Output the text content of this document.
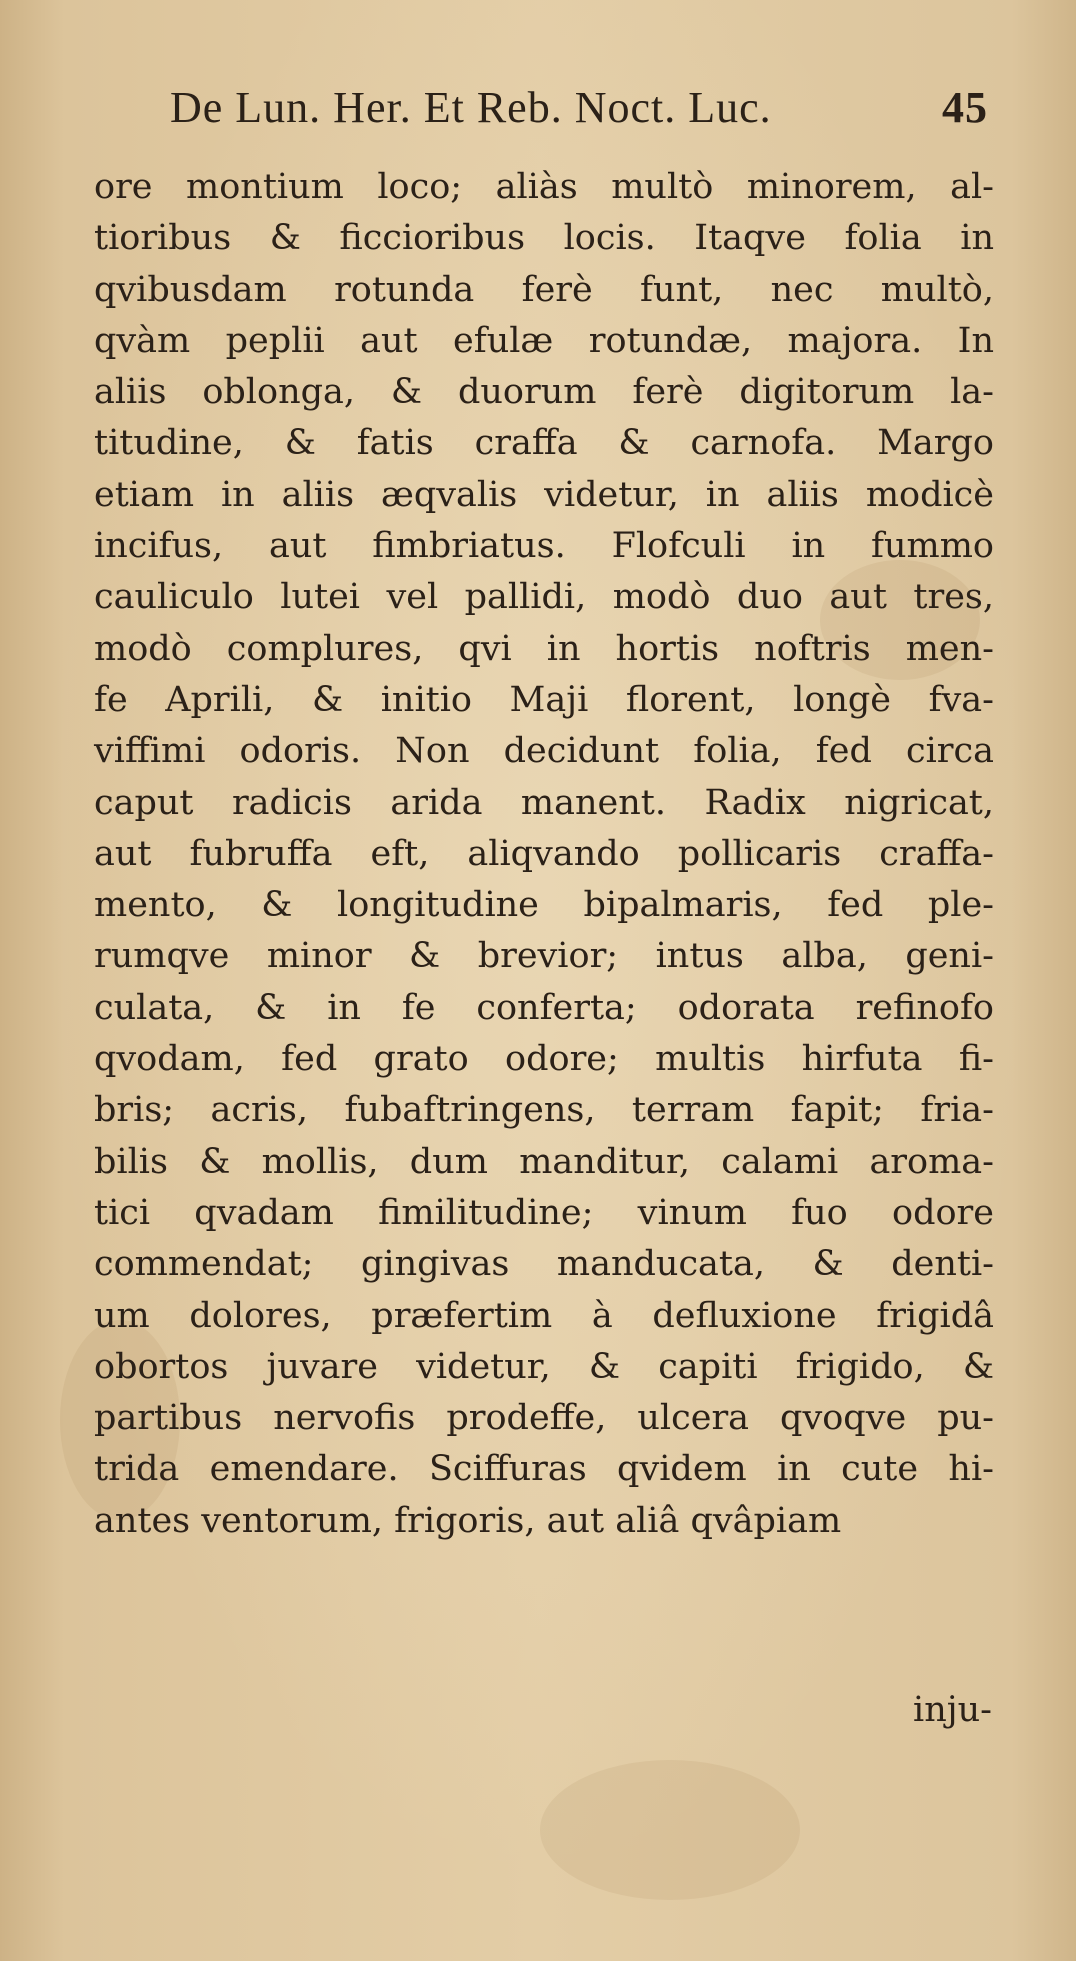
De Lun. Her. Et Reb. Noct. Luc.	45
ore montium loco; aliàs multò minorem, al-
tioribus & ficcioribus locis. Itaqve folia in
qvibusdam rotunda ferè funt, nec multò,
qvàm peplii aut efulæ rotundæ, majora. In
aliis oblonga, & duorum ferè digitorum la-
titudine, & fatis craffa & carnofa. Margo
etiam in aliis æqvalis videtur, in aliis modicè
incifus, aut fimbriatus. Flofculi in fummo
cauliculo lutei vel pallidi, modò duo aut tres,
modò complures, qvi in hortis noftris men-
fe Aprili, & initio Maji florent, longè fva-
viffimi odoris. Non decidunt folia, fed circa
caput radicis arida manent. Radix nigricat,
aut fubruffa eft, aliqvando pollicaris craffa-
mento, & longitudine bipalmaris, fed ple-
rumqve minor & brevior; intus alba, geni-
culata, & in fe conferta; odorata refinofo
qvodam, fed grato odore; multis hirfuta fi-
bris; acris, fubaftringens, terram fapit; fria-
bilis & mollis, dum manditur, calami aroma-
tici qvadam fimilitudine; vinum fuo odore
commendat; gingivas manducata, & denti-
um dolores, præfertim à defluxione frigidâ
obortos juvare videtur, & capiti frigido, &
partibus nervofis prodeffe, ulcera qvoqve pu-
trida emendare. Sciffuras qvidem in cute hi-
antes ventorum, frigoris, aut aliâ qvâpiam
inju-
